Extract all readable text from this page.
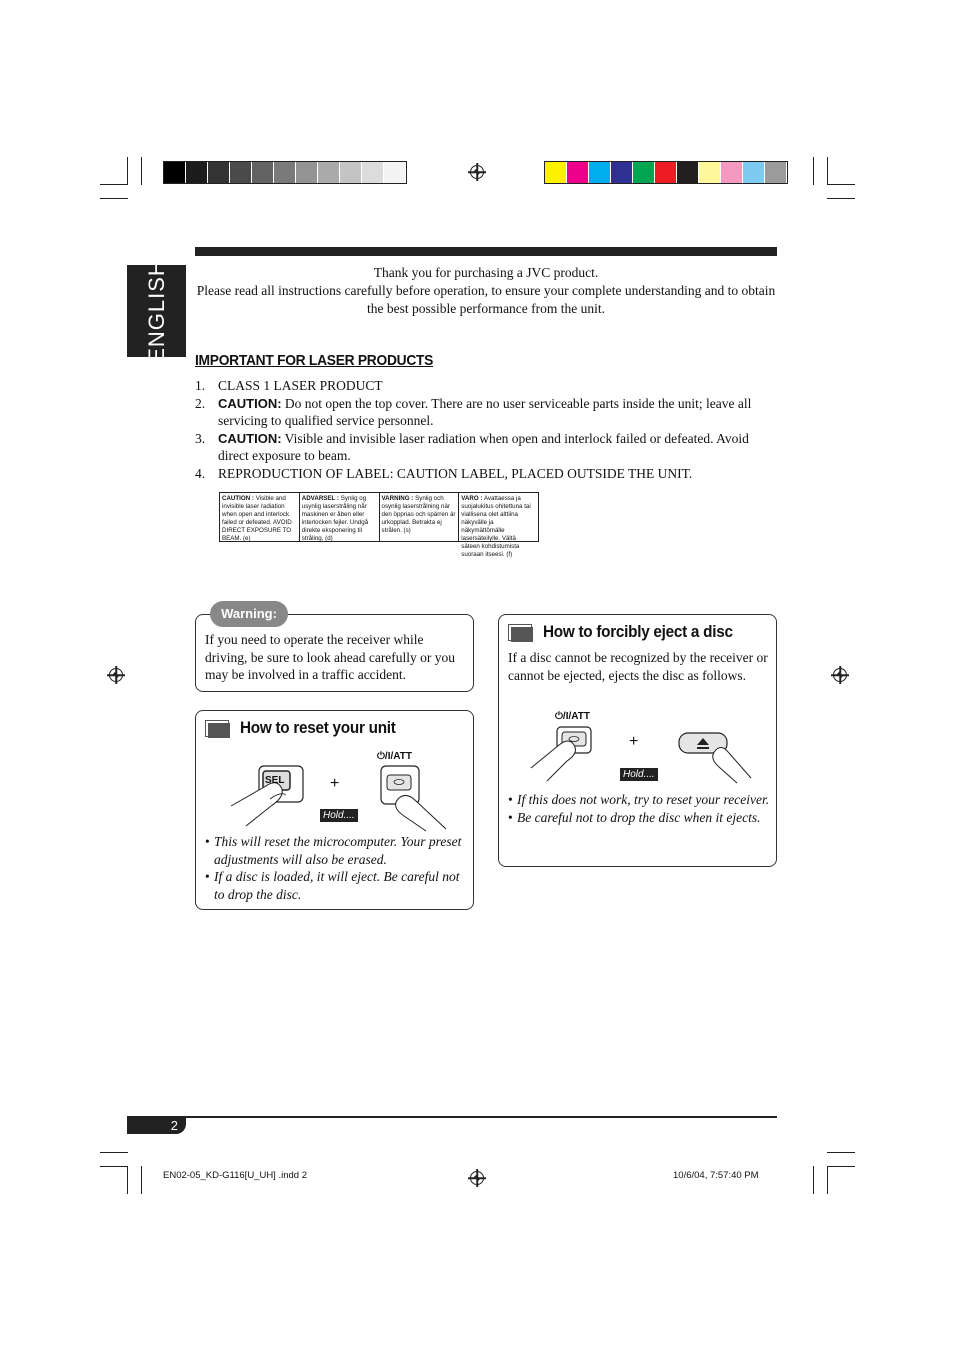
ENGLISH	Thank you for purchasing a JVC product.
Please read all instructions carefully before operation, to ensure your complete understanding and to obtain the best possible performance from the unit.
IMPORTANT FOR LASER PRODUCTS
1. CLASS 1 LASER PRODUCT
2. CAUTION: Do not open the top cover. There are no user serviceable parts inside the unit; leave all servicing to qualified service personnel.
3. CAUTION: Visible and invisible laser radiation when open and interlock failed or defeated. Avoid direct exposure to beam.
4. REPRODUCTION OF LABEL: CAUTION LABEL, PLACED OUTSIDE THE UNIT.
CAUTION : Visible and invisible laser radiation when open and interlock failed or defeated. AVOID DIRECT EXPOSURE TO BEAM. (e)
ADVARSEL : Synlig og usynlig laserstråling når maskinen er åben eller interlocken fejler. Undgå direkte eksponering til stråling. (d)
VARNING : Synlig och osynlig laserstrålning när den öppnas och spärren är urkopplad. Betrakta ej strålen. (s)
VARO : Avattaessa ja suojalukitus ohitettuna tai viallisena olet alttiina näkyvälle ja näkymättömälle lasersäteilylle. Vältä säteen kohdistumista suoraan itseesi. (f)
If you need to operate the receiver while driving, be sure to look ahead carefully or you may be involved in a traffic accident.
Warning:
How to reset your unit
SEL
⏻/I/ATT
+
Hold....
• This will reset the microcomputer. Your preset adjustments will also be erased.
• If a disc is loaded, it will eject. Be careful not to drop the disc.
How to forcibly eject a disc
If a disc cannot be recognized by the receiver or cannot be ejected, ejects the disc as follows.
⏻/I/ATT
+
Hold....
• If this does not work, try to reset your receiver.
• Be careful not to drop the disc when it ejects.
2
EN02-05_KD-G116[U_UH] .indd 2	10/6/04, 7:57:40 PM
